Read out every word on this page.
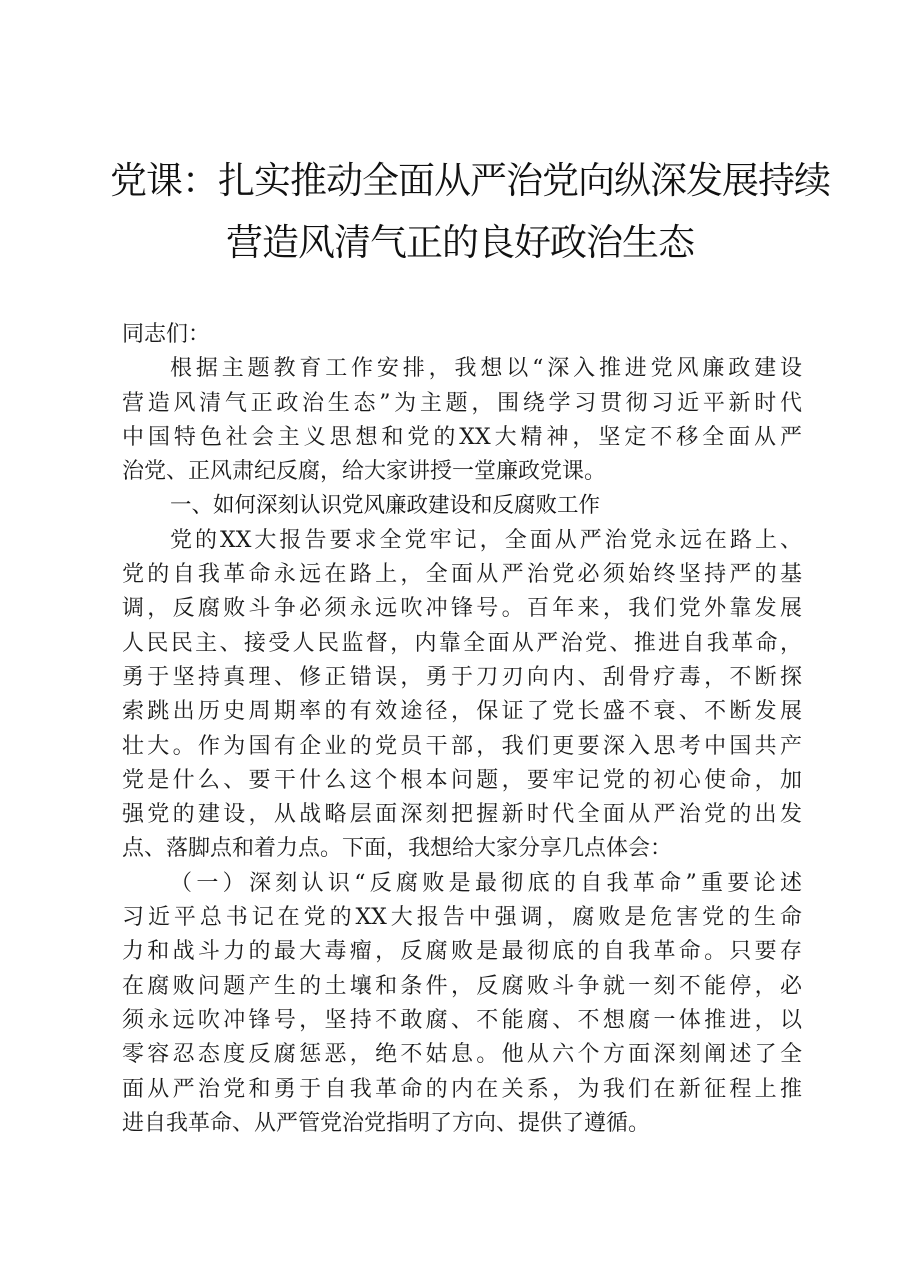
党课：扎实推动全面从严治党向纵深发展持续
营造风清气正的良好政治生态
同志们：
根据主题教育工作安排，我想以“深入推进党风廉政建设
营造风清气正政治生态”为主题，围绕学习贯彻习近平新时代
中国特色社会主义思想和党的XX大精神，坚定不移全面从严
治党、正风肃纪反腐，给大家讲授一堂廉政党课。
一、如何深刻认识党风廉政建设和反腐败工作
党的XX大报告要求全党牢记，全面从严治党永远在路上、
党的自我革命永远在路上，全面从严治党必须始终坚持严的基
调，反腐败斗争必须永远吹冲锋号。百年来，我们党外靠发展
人民民主、接受人民监督，内靠全面从严治党、推进自我革命，
勇于坚持真理、修正错误，勇于刀刃向内、刮骨疗毒，不断探
索跳出历史周期率的有效途径，保证了党长盛不衰、不断发展
壮大。作为国有企业的党员干部，我们更要深入思考中国共产
党是什么、要干什么这个根本问题，要牢记党的初心使命，加
强党的建设，从战略层面深刻把握新时代全面从严治党的出发
点、落脚点和着力点。下面，我想给大家分享几点体会：
（一）深刻认识“反腐败是最彻底的自我革命”重要论述
习近平总书记在党的XX大报告中强调，腐败是危害党的生命
力和战斗力的最大毒瘤，反腐败是最彻底的自我革命。只要存
在腐败问题产生的土壤和条件，反腐败斗争就一刻不能停，必
须永远吹冲锋号，坚持不敢腐、不能腐、不想腐一体推进，以
零容忍态度反腐惩恶，绝不姑息。他从六个方面深刻阐述了全
面从严治党和勇于自我革命的内在关系，为我们在新征程上推
进自我革命、从严管党治党指明了方向、提供了遵循。
